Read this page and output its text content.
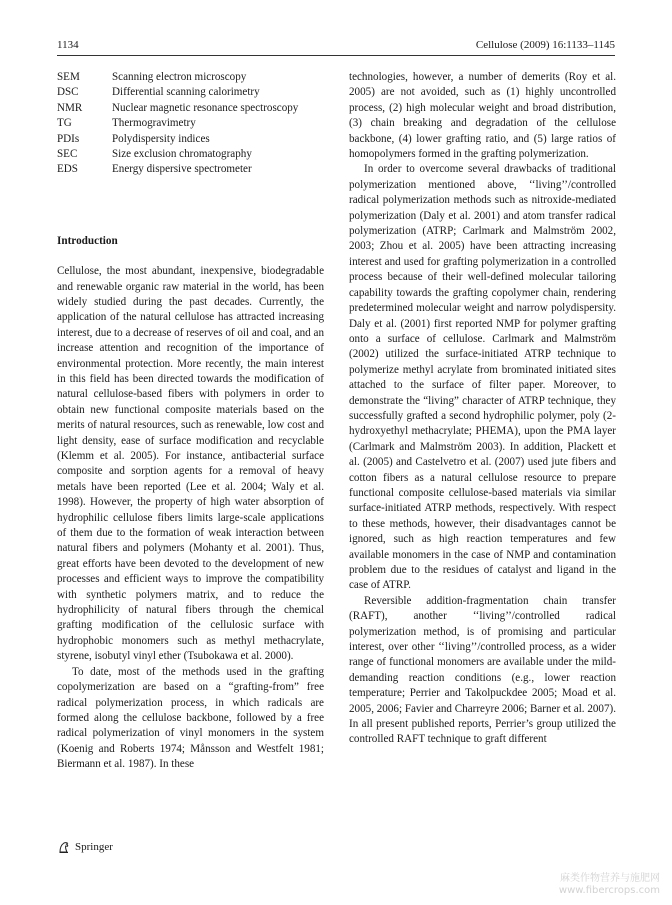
1134	Cellulose (2009) 16:1133–1145
SEM	Scanning electron microscopy
DSC	Differential scanning calorimetry
NMR	Nuclear magnetic resonance spectroscopy
TG	Thermogravimetry
PDIs	Polydispersity indices
SEC	Size exclusion chromatography
EDS	Energy dispersive spectrometer
Introduction

Cellulose, the most abundant, inexpensive, biodegradable and renewable organic raw material in the world, has been widely studied during the past decades. Currently, the application of the natural cellulose has attracted increasing interest, due to a decrease of reserves of oil and coal, and an increase attention and recognition of the importance of environmental protection. More recently, the main interest in this field has been directed towards the modification of natural cellulose-based fibers with polymers in order to obtain new functional composite materials based on the merits of natural resources, such as renewable, low cost and light density, ease of surface modification and recyclable (Klemm et al. 2005). For instance, antibacterial surface composite and sorption agents for a removal of heavy metals have been reported (Lee et al. 2004; Waly et al. 1998). However, the property of high water absorption of hydrophilic cellulose fibers limits large-scale applications of them due to the formation of weak interaction between natural fibers and polymers (Mohanty et al. 2001). Thus, great efforts have been devoted to the development of new processes and efficient ways to improve the compatibility with synthetic polymers matrix, and to reduce the hydrophilicity of natural fibers through the chemical grafting modification of the cellulosic surface with hydrophobic monomers such as methyl methacrylate, styrene, isobutyl vinyl ether (Tsubokawa et al. 2000).

To date, most of the methods used in the grafting copolymerization are based on a “grafting-from” free radical polymerization process, in which radicals are formed along the cellulose backbone, followed by a free radical polymerization of vinyl monomers in the system (Koenig and Roberts 1974; Månsson and Westfelt 1981; Biermann et al. 1987). In these

technologies, however, a number of demerits (Roy et al. 2005) are not avoided, such as (1) highly uncontrolled process, (2) high molecular weight and broad distribution, (3) chain breaking and degradation of the cellulose backbone, (4) lower grafting ratio, and (5) large ratios of homopolymers formed in the grafting polymerization.

In order to overcome several drawbacks of traditional polymerization mentioned above, ‘‘living’’/controlled radical polymerization methods such as nitroxide-mediated polymerization (Daly et al. 2001) and atom transfer radical polymerization (ATRP; Carlmark and Malmström 2002, 2003; Zhou et al. 2005) have been attracting increasing interest and used for grafting polymerization in a controlled process because of their well-defined molecular tailoring capability towards the grafting copolymer chain, rendering predetermined molecular weight and narrow polydispersity. Daly et al. (2001) first reported NMP for polymer grafting onto a surface of cellulose. Carlmark and Malmström (2002) utilized the surface-initiated ATRP technique to polymerize methyl acrylate from brominated initiated sites attached to the surface of filter paper. Moreover, to demonstrate the “living” character of ATRP technique, they successfully grafted a second hydrophilic polymer, poly (2-hydroxyethyl methacrylate; PHEMA), upon the PMA layer (Carlmark and Malmström 2003). In addition, Plackett et al. (2005) and Castelvetro et al. (2007) used jute fibers and cotton fibers as a natural cellulose resource to prepare functional composite cellulose-based materials via similar surface-initiated ATRP methods, respectively. With respect to these methods, however, their disadvantages cannot be ignored, such as high reaction temperatures and few available monomers in the case of NMP and contamination problem due to the residues of catalyst and ligand in the case of ATRP.

Reversible addition-fragmentation chain transfer (RAFT), another ‘‘living’’/controlled radical polymerization method, is of promising and particular interest, over other ‘‘living’’/controlled process, as a wider range of functional monomers are available under the mild-demanding reaction conditions (e.g., lower reaction temperature; Perrier and Takolpuckdee 2005; Moad et al. 2005, 2006; Favier and Charreyre 2006; Barner et al. 2007). In all present published reports, Perrier’s group utilized the controlled RAFT technique to graft different

Springer
麻类作物营养与施肥网
www.fibercrops.com
